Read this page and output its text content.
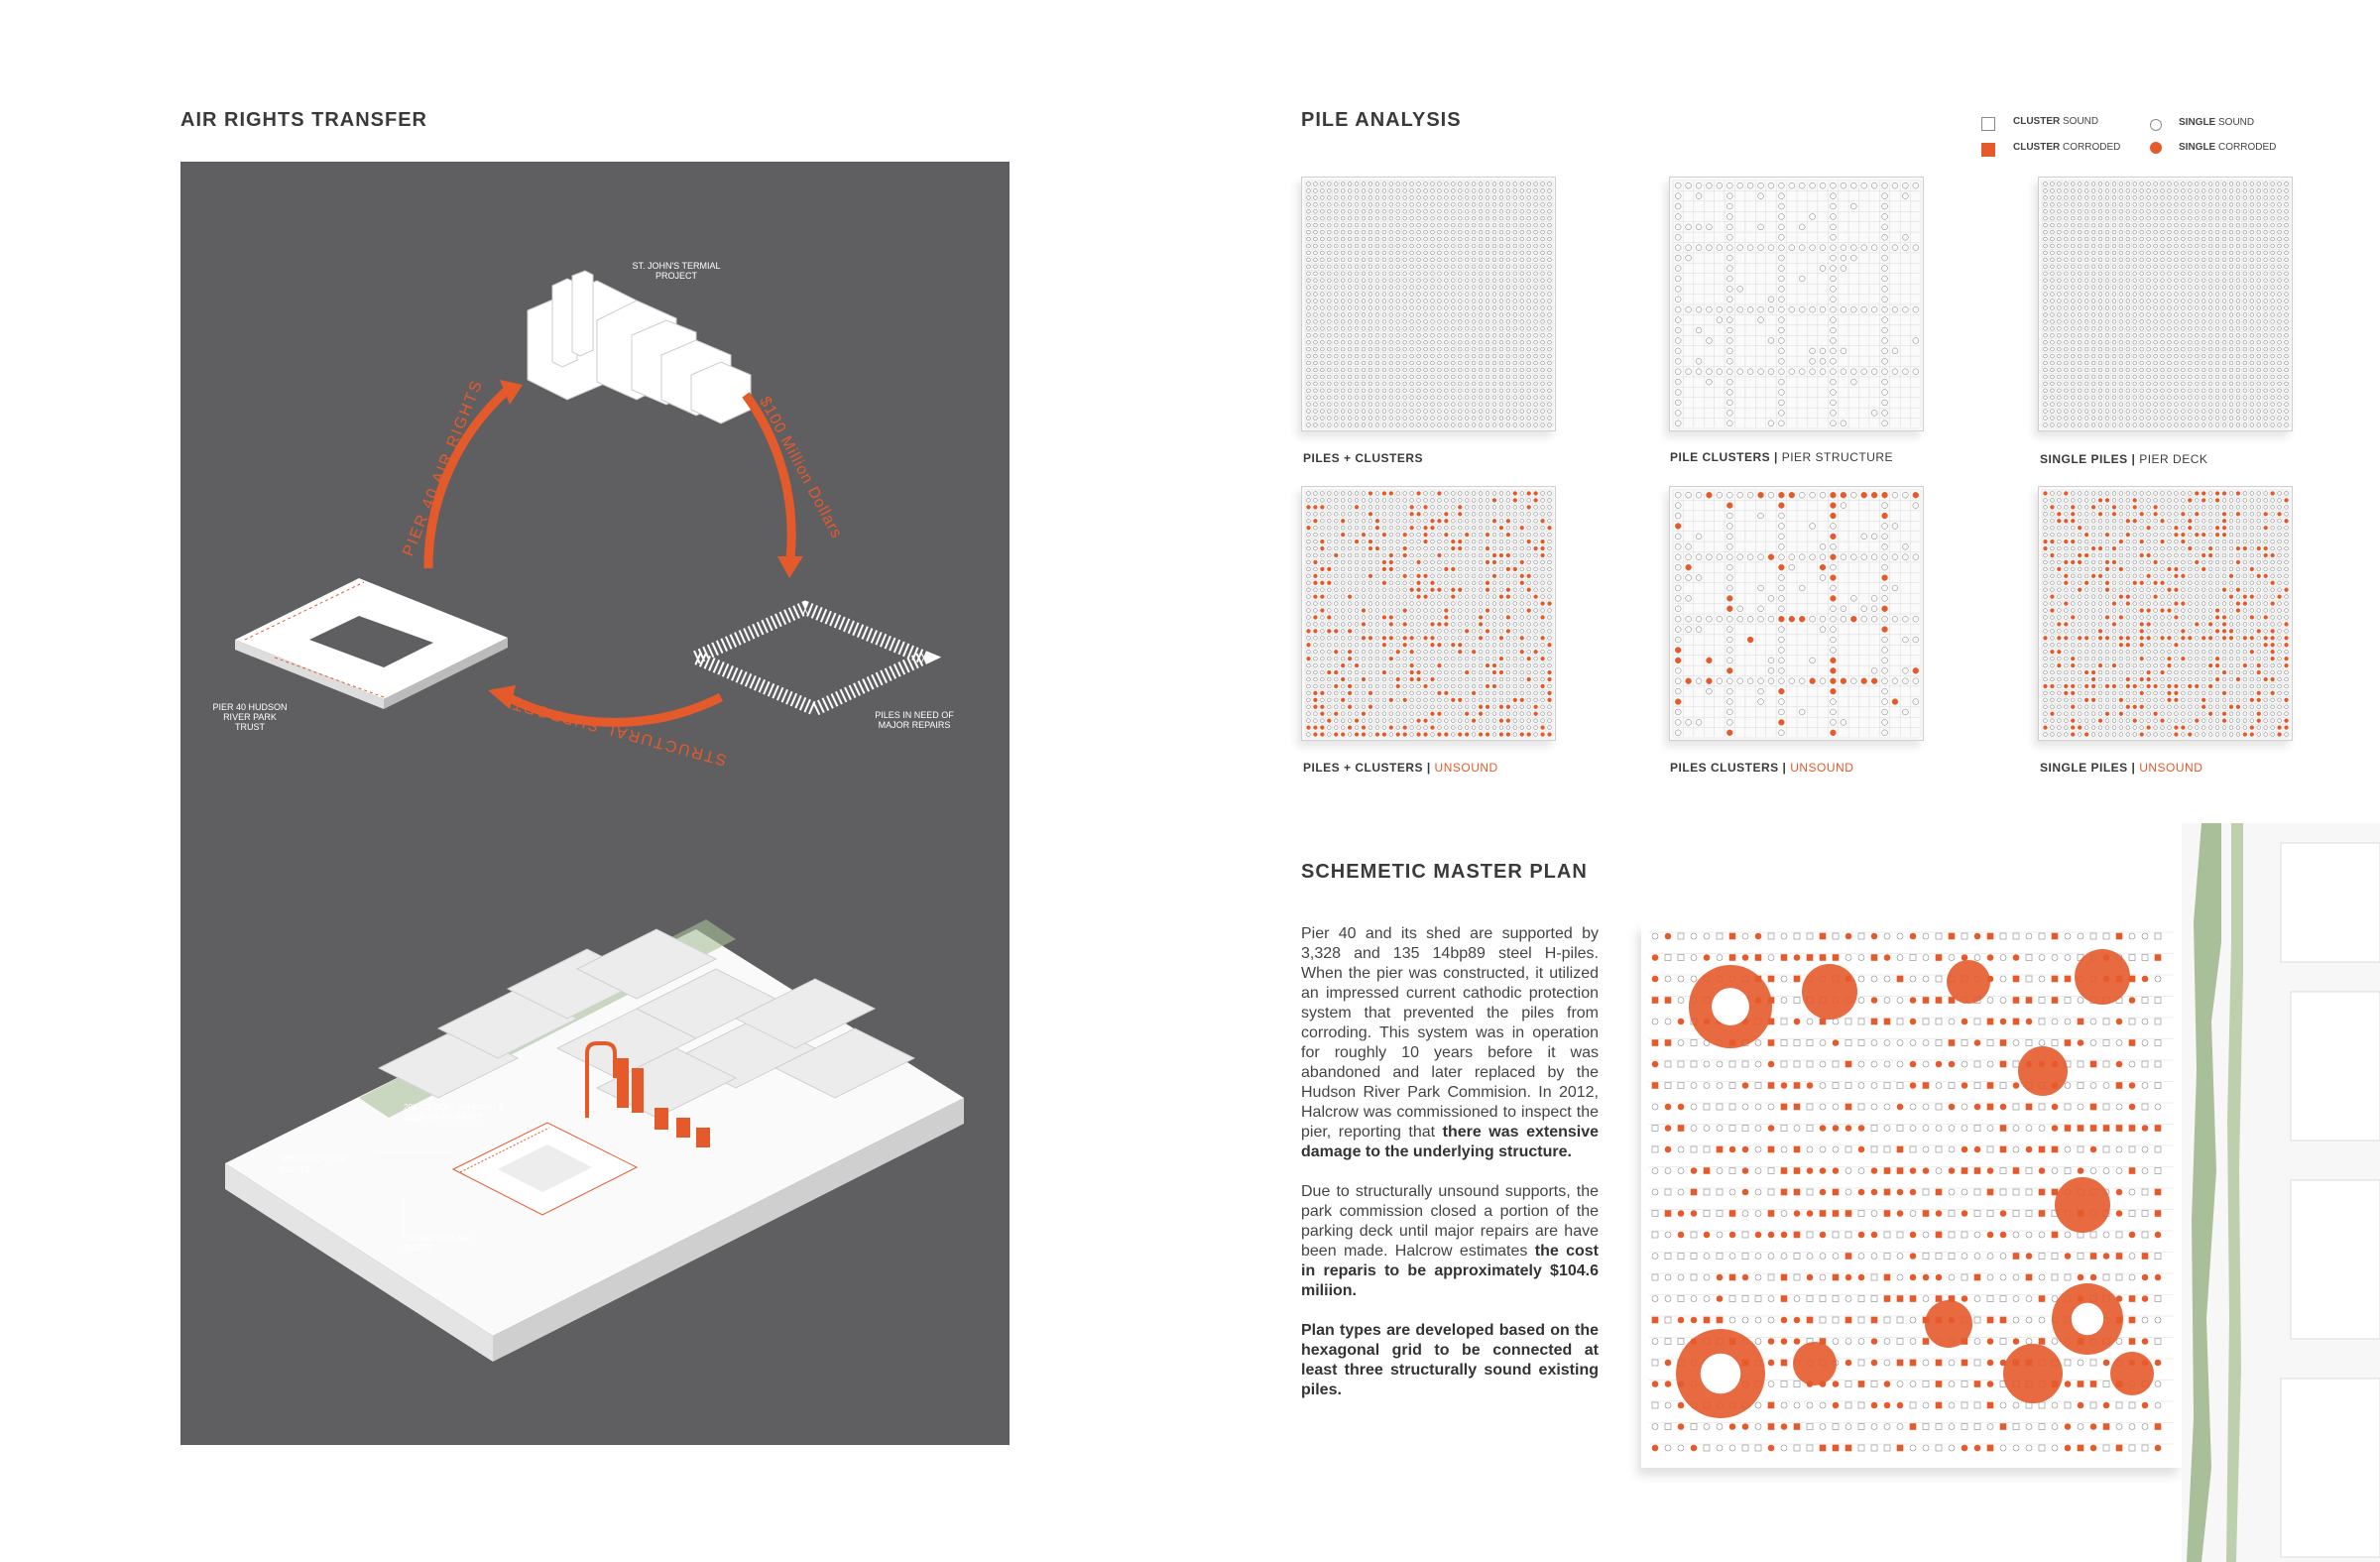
AIR RIGHTS TRANSFER	PILE ANALYSIS
SCHEMETIC MASTER PLAN
ST. JOHN'S TERMIAL PROJECT
PIER 40 HUDSON RIVER PARK TRUST
PILES IN NEED OF MAJOR REPAIRS
PIER 40 AIR RIGHTS	$100 Million Dollars
STRUCTURAL SUPPORT
200,000 SQFT AIR RIGHTS SOLD TO ST. JOHN'S
380,000 SQFT AIR RIGHTS
780,000 SQFT AIR RIGHTS
CLUSTER SOUND
CLUSTER CORRODED
SINGLE SOUND
SINGLE CORRODED
PILES + CLUSTERS	PILE CLUSTERS | PIER STRUCTURE	SINGLE PILES | PIER DECK
PILES + CLUSTERS | UNSOUND	PILES CLUSTERS | UNSOUND	SINGLE PILES | UNSOUND

Pier 40 and its shed are supported by 3,328 and 135 14bp89 steel H-piles. When the pier was constructed, it utilized an impressed current cathodic protection system that prevented the piles from corroding. This system was in operation for roughly 10 years before it was abandoned and later replaced by the Hudson River Park Commision. In 2012, Halcrow was commissioned to inspect the pier, reporting that there was extensive damage to the underlying structure.

Due to structurally unsound supports, the park commission closed a portion of the parking deck until major repairs are have been made. Halcrow estimates the cost in reparis to be approximately $104.6 miliion.

Plan types are developed based on the hexagonal grid to be connected at least three structurally sound existing piles.
